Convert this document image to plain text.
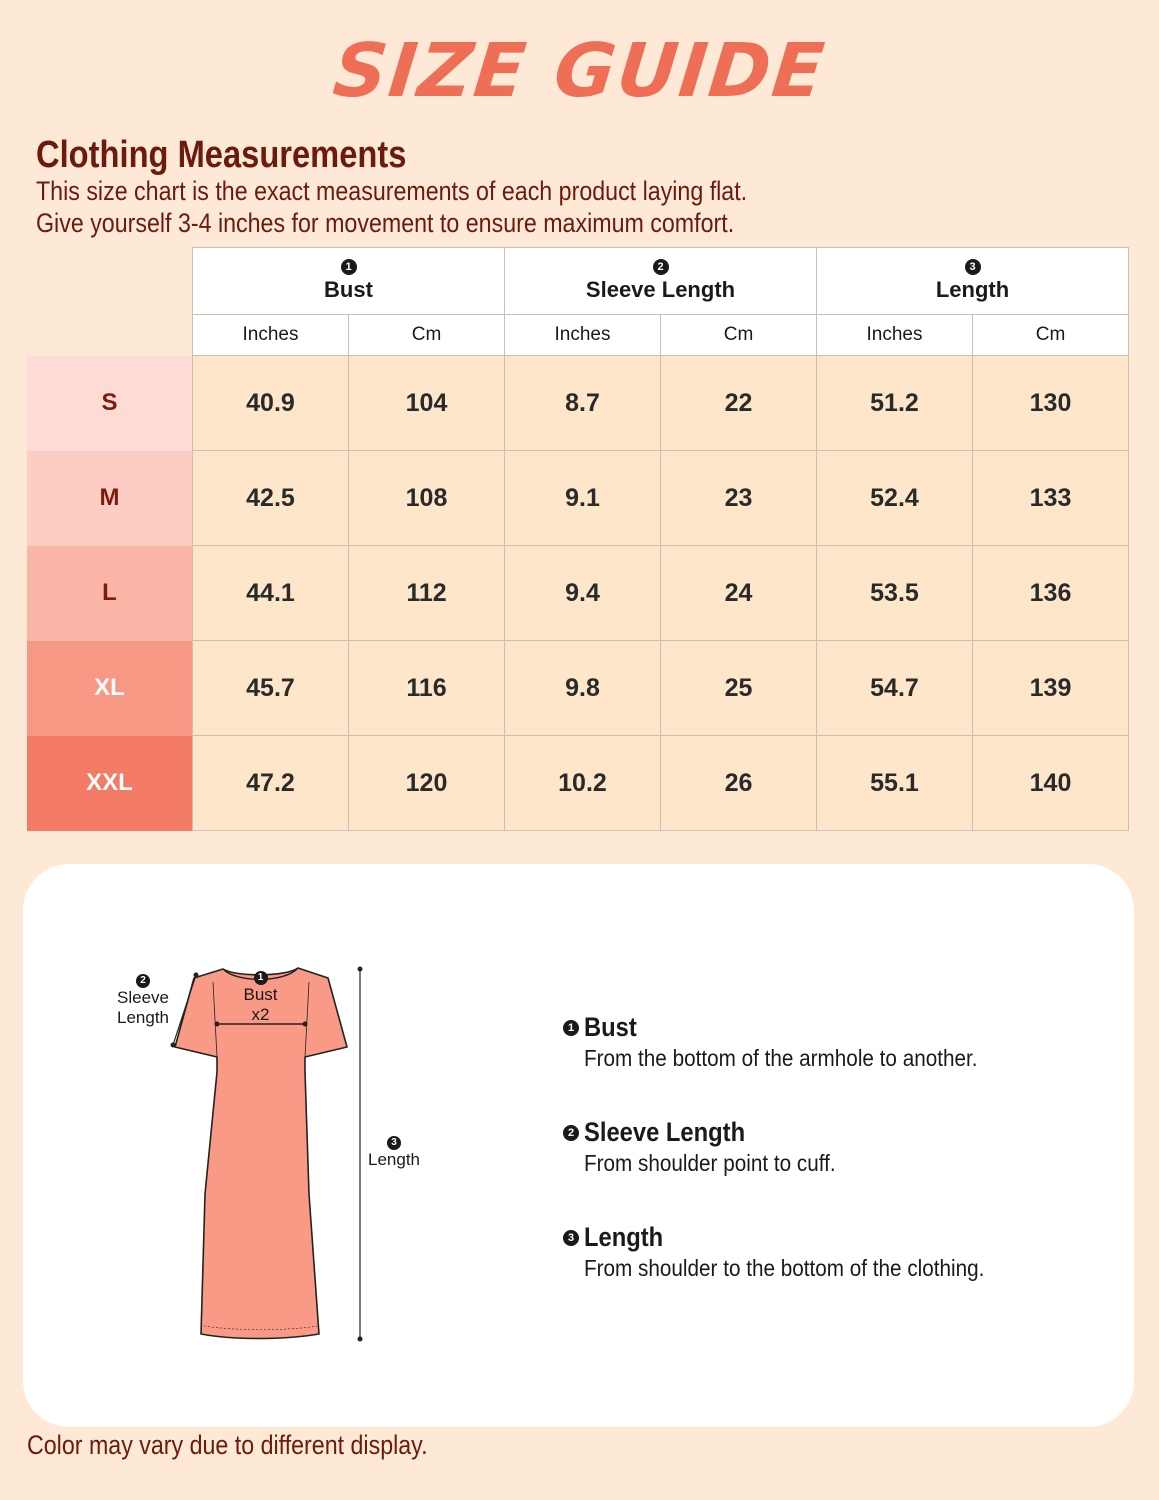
SIZE GUIDE
Clothing Measurements
This size chart is the exact measurements of each product laying flat.
Give yourself 3-4 inches for movement to ensure maximum comfort.

	1
Bust		2
Sleeve Length		3
Length	
	Inches	Cm	Inches	Cm	Inches	Cm
S	40.9	104	8.7	22	51.2	130
M	42.5	108	9.1	23	52.4	133
L	44.1	112	9.4	24	53.5	136
XL	45.7	116	9.8	25	54.7	139
XXL	47.2	120	10.2	26	55.1	140
2
Sleeve
Length
1
Bust
x2
3
Length
1 Bust
From the bottom of the armhole to another.
2 Sleeve Length
From shoulder point to cuff.
3 Length
From shoulder to the bottom of the clothing.
Color may vary due to different display.
